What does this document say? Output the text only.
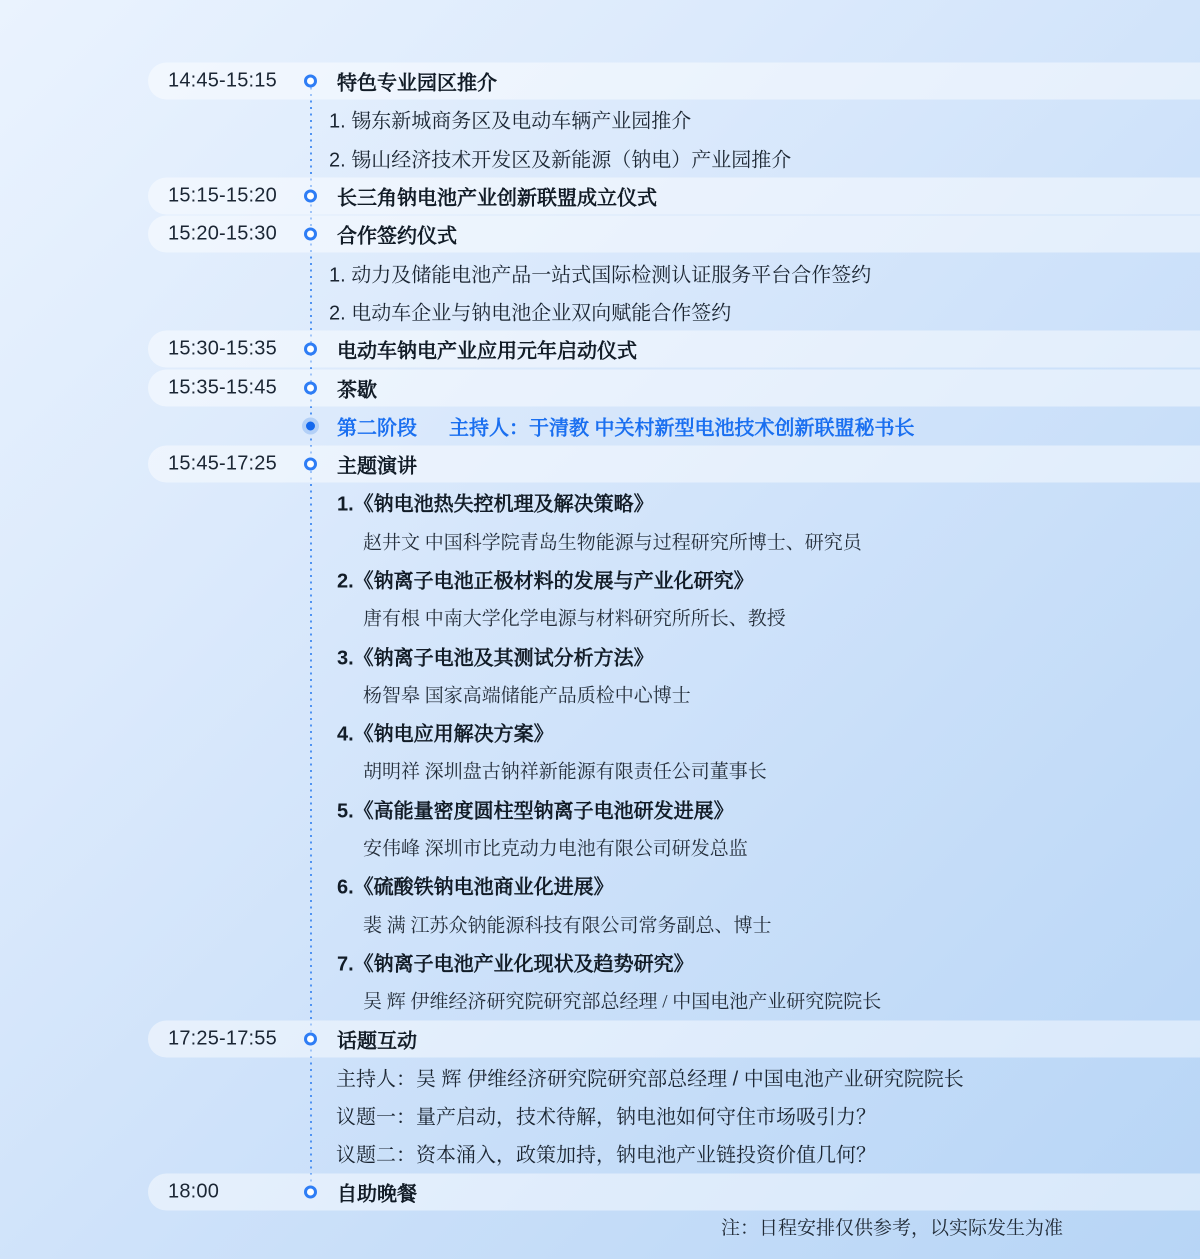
14:45-15:15	特色专业园区推介
1. 锡东新城商务区及电动车辆产业园推介
2. 锡山经济技术开发区及新能源（钠电）产业园推介
15:15-15:20	长三角钠电池产业创新联盟成立仪式
15:20-15:30	合作签约仪式
1. 动力及储能电池产品一站式国际检测认证服务平台合作签约
2. 电动车企业与钠电池企业双向赋能合作签约
15:30-15:35	电动车钠电产业应用元年启动仪式
15:35-15:45	茶歇
第二阶段 主持人：于清教 中关村新型电池技术创新联盟秘书长
15:45-17:25	主题演讲
1.《钠电池热失控机理及解决策略》
赵井文 中国科学院青岛生物能源与过程研究所博士、研究员
2.《钠离子电池正极材料的发展与产业化研究》
唐有根 中南大学化学电源与材料研究所所长、教授
3.《钠离子电池及其测试分析方法》
杨智皋 国家高端储能产品质检中心博士
4.《钠电应用解决方案》
胡明祥 深圳盘古钠祥新能源有限责任公司董事长
5.《高能量密度圆柱型钠离子电池研发进展》
安伟峰 深圳市比克动力电池有限公司研发总监
6.《硫酸铁钠电池商业化进展》
裴 满 江苏众钠能源科技有限公司常务副总、博士
7.《钠离子电池产业化现状及趋势研究》
吴 辉 伊维经济研究院研究部总经理 / 中国电池产业研究院院长
17:25-17:55	话题互动
主持人：吴 辉 伊维经济研究院研究部总经理 / 中国电池产业研究院院长
议题一：量产启动，技术待解，钠电池如何守住市场吸引力？
议题二：资本涌入，政策加持，钠电池产业链投资价值几何？
18:00	自助晚餐
注：日程安排仅供参考，以实际发生为准
